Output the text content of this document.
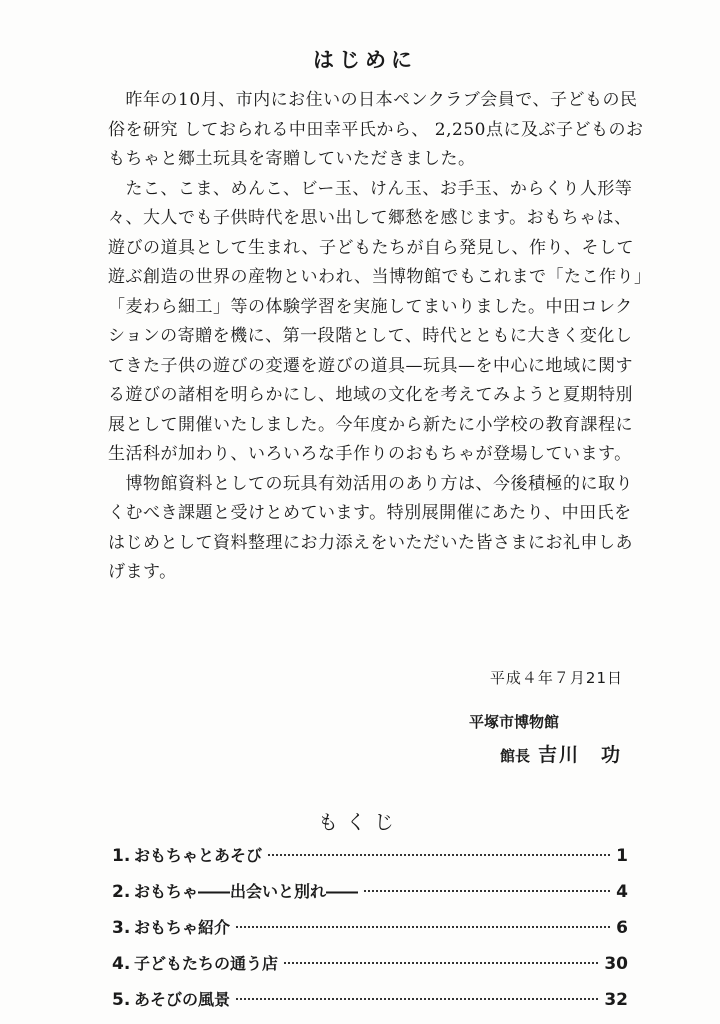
はじめに
　昨年の10月、市内にお住いの日本ペンクラブ会員で、子どもの民
俗を研究 しておられる中田幸平氏から、 2,250点に及ぶ子どものお
もちゃと郷土玩具を寄贈していただきました。
　たこ、こま、めんこ、ビー玉、けん玉、お手玉、からくり人形等
々、大人でも子供時代を思い出して郷愁を感じます。おもちゃは、
遊びの道具として生まれ、子どもたちが自ら発見し、作り、そして
遊ぶ創造の世界の産物といわれ、当博物館でもこれまで「たこ作り」
「麦わら細工」等の体験学習を実施してまいりました。中田コレク
ションの寄贈を機に、第一段階として、時代とともに大きく変化し
てきた子供の遊びの変遷を遊びの道具—玩具—を中心に地域に関す
る遊びの諸相を明らかにし、地域の文化を考えてみようと夏期特別
展として開催いたしました。今年度から新たに小学校の教育課程に
生活科が加わり、いろいろな手作りのおもちゃが登場しています。
　博物館資料としての玩具有効活用のあり方は、今後積極的に取り
くむべき課題と受けとめています。特別展開催にあたり、中田氏を
はじめとして資料整理にお力添えをいただいた皆さまにお礼申しあ
げます。
平成４年７月21日
平塚市博物館
館長 吉川　功
もくじ
1. おもちゃとあそび	1
2. おもちゃ――出会いと別れ――	4
3. おもちゃ紹介	6
4. 子どもたちの通う店	30
5. あそびの風景	32
